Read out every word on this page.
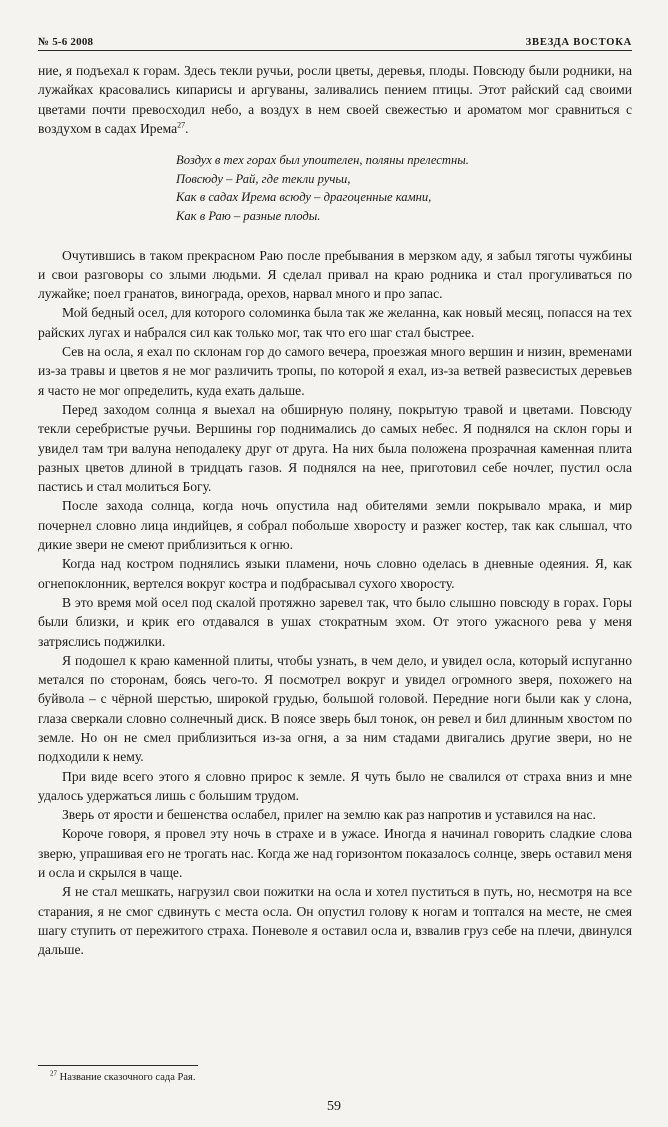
№ 5-6 2008	ЗВЕЗДА ВОСТОКА

ние, я подъехал к горам. Здесь текли ручьи, росли цветы, деревья, плоды. Повсюду были родники, на лужайках красовались кипарисы и аргуваны, заливались пением птицы. Этот райский сад своими цветами почти превосходил небо, а воздух в нем своей свежестью и ароматом мог сравниться с воздухом в садах Ирема$^{27}$.

Воздух в тех горах был упоителен, поляны прелестны.
Повсюду – Рай, где текли ручьи,
Как в садах Ирема всюду – драгоценные камни,
Как в Раю – разные плоды.

Очутившись в таком прекрасном Раю после пребывания в мерзком аду, я забыл тяготы чужбины и свои разговоры со злыми людьми. Я сделал привал на краю родника и стал прогуливаться по лужайке; поел гранатов, винограда, орехов, нарвал много и про запас.

Мой бедный осел, для которого соломинка была так же желанна, как новый месяц, попасся на тех райских лугах и набрался сил как только мог, так что его шаг стал быстрее.

Сев на осла, я ехал по склонам гор до самого вечера, проезжая много вершин и низин, временами из-за травы и цветов я не мог различить тропы, по которой я ехал, из-за ветвей развесистых деревьев я часто не мог определить, куда ехать дальше.

Перед заходом солнца я выехал на обширную поляну, покрытую травой и цветами. Повсюду текли серебристые ручьи. Вершины гор поднимались до самых небес. Я поднялся на склон горы и увидел там три валуна неподалеку друг от друга. На них была положена прозрачная каменная плита разных цветов длиной в тридцать газов. Я поднялся на нее, приготовил себе ночлег, пустил осла пастись и стал молиться Богу.

После захода солнца, когда ночь опустила над обителями земли покрывало мрака, и мир почернел словно лица индийцев, я собрал побольше хворосту и разжег костер, так как слышал, что дикие звери не смеют приблизиться к огню.

Когда над костром поднялись языки пламени, ночь словно оделась в дневные одеяния. Я, как огнепоклонник, вертелся вокруг костра и подбрасывал сухого хворосту.

В это время мой осел под скалой протяжно заревел так, что было слышно повсюду в горах. Горы были близки, и крик его отдавался в ушах стократным эхом. От этого ужасного рева у меня затряслись поджилки.

Я подошел к краю каменной плиты, чтобы узнать, в чем дело, и увидел осла, который испуганно метался по сторонам, боясь чего-то. Я посмотрел вокруг и увидел огромного зверя, похожего на буйвола – с чёрной шерстью, широкой грудью, большой головой. Передние ноги были как у слона, глаза сверкали словно солнечный диск. В поясе зверь был тонок, он ревел и бил длинным хвостом по земле. Но он не смел приблизиться из-за огня, а за ним стадами двигались другие звери, но не подходили к нему.

При виде всего этого я словно прирос к земле. Я чуть было не свалился от страха вниз и мне удалось удержаться лишь с большим трудом.

Зверь от ярости и бешенства ослабел, прилег на землю как раз напротив и уставился на нас.

Короче говоря, я провел эту ночь в страхе и в ужасе. Иногда я начинал говорить сладкие слова зверю, упрашивая его не трогать нас. Когда же над горизонтом показалось солнце, зверь оставил меня и осла и скрылся в чаще.

Я не стал мешкать, нагрузил свои пожитки на осла и хотел пуститься в путь, но, несмотря на все старания, я не смог сдвинуть с места осла. Он опустил голову к ногам и топтался на месте, не смея шагу ступить от пережитого страха. Поневоле я оставил осла и, взвалив груз себе на плечи, двинулся дальше.

$^{27}$ Название сказочного сада Рая.
59
